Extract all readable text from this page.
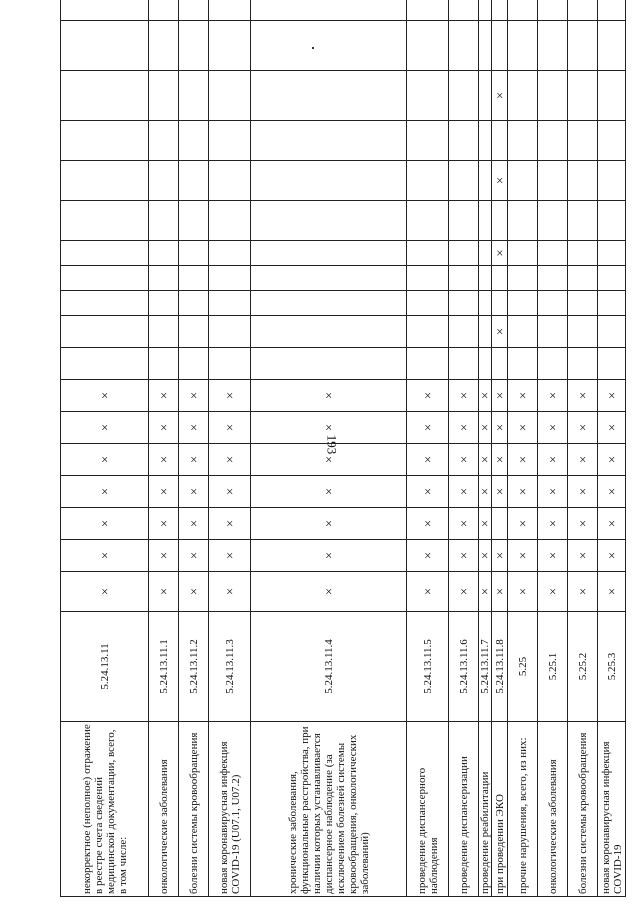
193
некорректное (неполное) отражение в реестре счета сведений медицинской документации, всего, в том числе:	5.24.13.11	×	×	×	×	×	×	×														
онкологические заболевания	5.24.13.11.1	×	×	×	×	×	×	×														
болезни системы кровообращения	5.24.13.11.2	×	×	×	×	×	×	×														
новая коронавирусная инфекция COVID-19 (U07.1, U07.2)	5.24.13.11.3	×	×	×	×	×	×	×														
хронические заболевания, функциональные расстройства, при наличии которых устанавливается диспансерное наблюдение (за исключением болезней системы кровообращения, онкологических заболеваний)	5.24.13.11.4	×	×	×	×	×	×	×														
проведение диспансерного наблюдения	5.24.13.11.5	×	×	×	×	×	×	×														
проведение диспансеризации	5.24.13.11.6	×	×	×	×	×	×	×														
проведение реабилитации	5.24.13.11.7	×	×	×	×	×	×	×														
при проведении ЭКО	5.24.13.11.8	×	×		×	×	×	×		×			×		×		×					
прочие нарушения, всего, из них:	5.25	×	×	×	×	×	×	×														
онкологические заболевания	5.25.1	×	×	×	×	×	×	×														
болезни системы кровообращения	5.25.2	×	×	×	×	×	×	×														
новая коронавирусная инфекция COVID-19	5.25.3	×	×	×	×	×	×	×														
